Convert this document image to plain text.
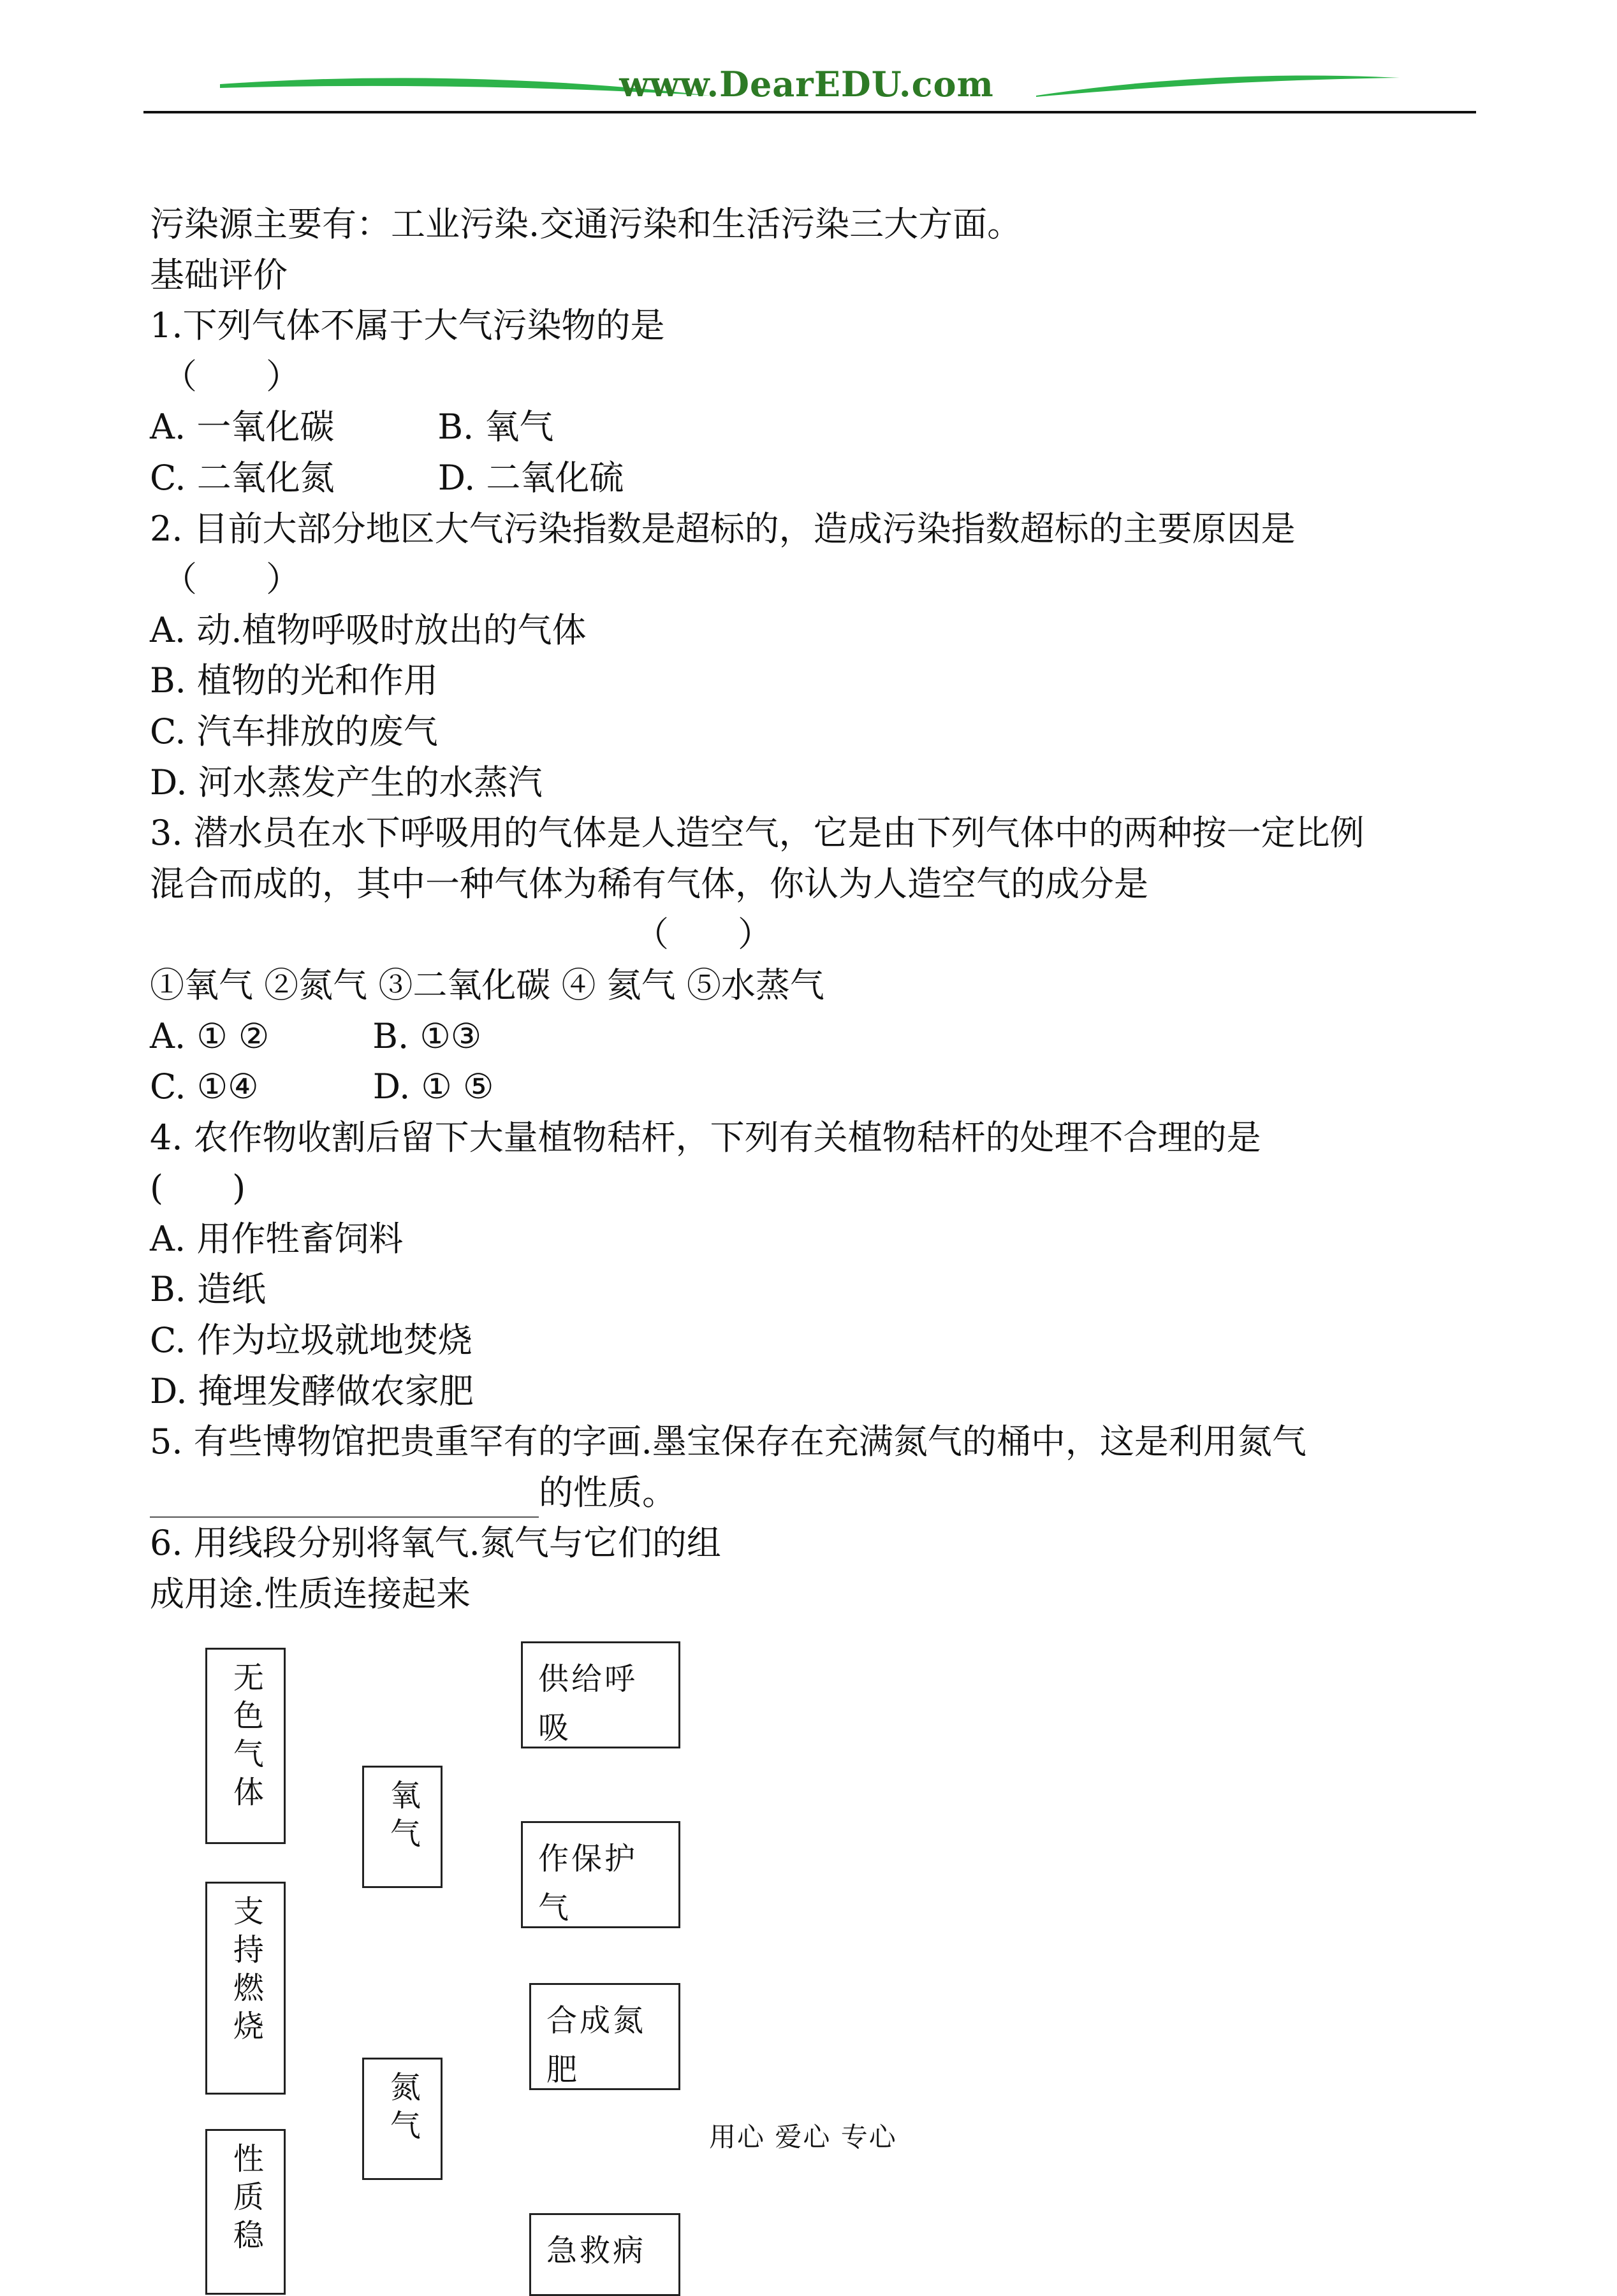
www.DearEDU.com
污染源主要有：工业污染.交通污染和生活污染三大方面。
基础评价
1.下列气体不属于大气污染物的是
（　　）
A. 一氧化碳　　　B. 氧气
C. 二氧化氮　　　D. 二氧化硫
2. 目前大部分地区大气污染指数是超标的，造成污染指数超标的主要原因是
（　　）
A. 动.植物呼吸时放出的气体
B. 植物的光和作用
C. 汽车排放的废气
D. 河水蒸发产生的水蒸汽
3. 潜水员在水下呼吸用的气体是人造空气，它是由下列气体中的两种按一定比例
混合而成的，其中一种气体为稀有气体，你认为人造空气的成分是
（　　）
①氧气 ②氮气 ③二氧化碳 ④ 氦气 ⑤水蒸气
A. ① ②　　　B. ①③
C. ①④　　　 D. ① ⑤
4. 农作物收割后留下大量植物秸杆，下列有关植物秸杆的处理不合理的是
(　　)
A. 用作牲畜饲料
B. 造纸
C. 作为垃圾就地焚烧
D. 掩埋发酵做农家肥
5. 有些博物馆把贵重罕有的字画.墨宝保存在充满氮气的桶中，这是利用氮气
的性质。
6. 用线段分别将氧气.氮气与它们的组
成用途.性质连接起来
无色气体
支持燃烧
性质稳
氧气
氮气
供给呼吸
作保护气
合成氮肥
急救病
用心 爱心 专心
